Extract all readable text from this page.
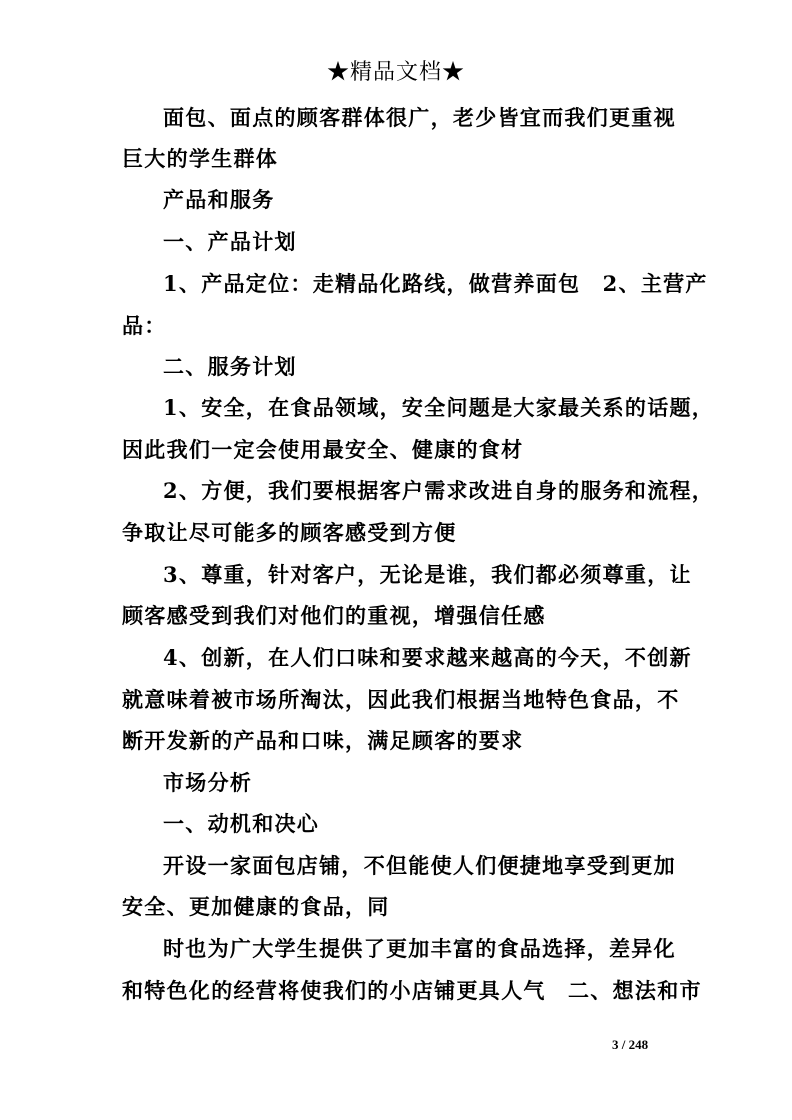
★精品文档★
面包、面点的顾客群体很广，老少皆宜而我们更重视
巨大的学生群体
产品和服务
一、产品计划
1、产品定位：走精品化路线，做营养面包　2、主营产
品：
二、服务计划
1、安全，在食品领域，安全问题是大家最关系的话题，
因此我们一定会使用最安全、健康的食材
2、方便，我们要根据客户需求改进自身的服务和流程，
争取让尽可能多的顾客感受到方便
3、尊重，针对客户，无论是谁，我们都必须尊重，让
顾客感受到我们对他们的重视，增强信任感
4、创新，在人们口味和要求越来越高的今天，不创新
就意味着被市场所淘汰，因此我们根据当地特色食品，不
断开发新的产品和口味，满足顾客的要求
市场分析
一、动机和决心
开设一家面包店铺，不但能使人们便捷地享受到更加
安全、更加健康的食品，同
时也为广大学生提供了更加丰富的食品选择，差异化
和特色化的经营将使我们的小店铺更具人气　二、想法和市
3 / 248
